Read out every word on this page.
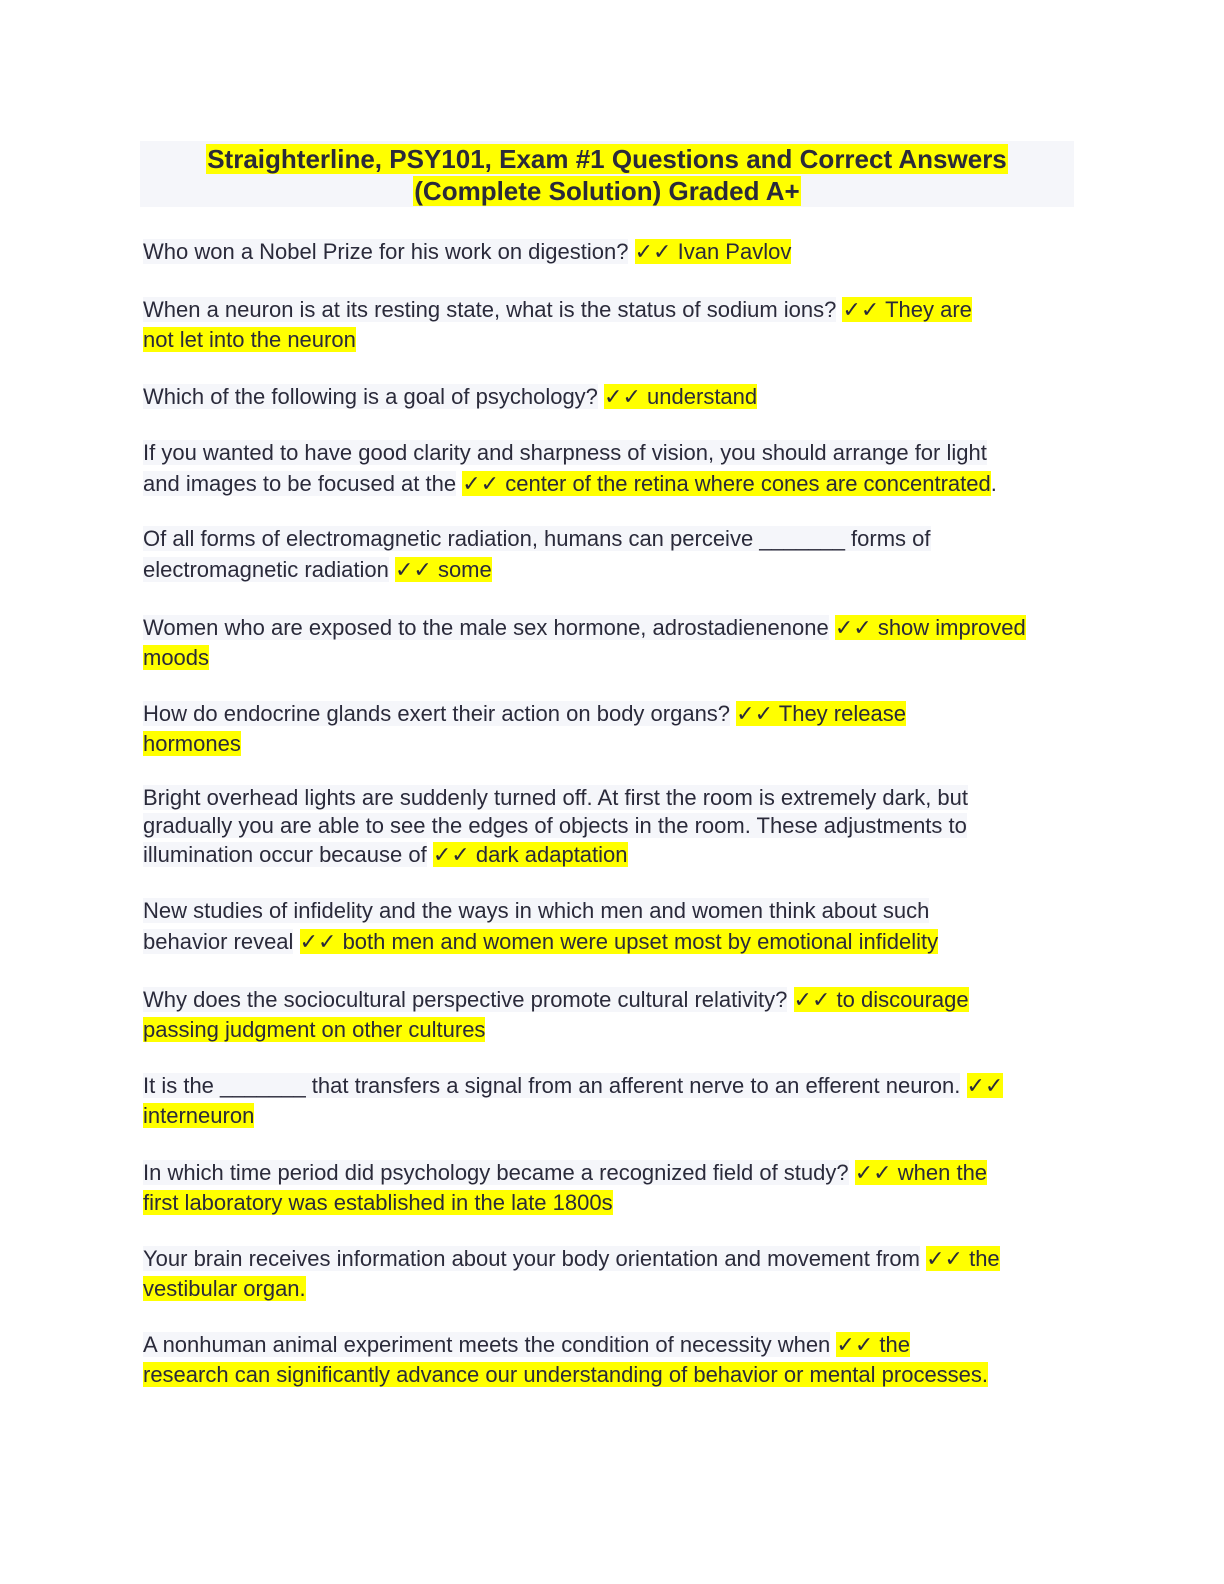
Straighterline, PSY101, Exam #1 Questions and Correct Answers
(Complete Solution) Graded A+
Who won a Nobel Prize for his work on digestion? ✓✓ Ivan Pavlov
When a neuron is at its resting state, what is the status of sodium ions? ✓✓ They are
not let into the neuron
Which of the following is a goal of psychology? ✓✓ understand
If you wanted to have good clarity and sharpness of vision, you should arrange for light
and images to be focused at the ✓✓ center of the retina where cones are concentrated.
Of all forms of electromagnetic radiation, humans can perceive _______ forms of
electromagnetic radiation ✓✓ some
Women who are exposed to the male sex hormone, adrostadienenone ✓✓ show improved
moods
How do endocrine glands exert their action on body organs? ✓✓ They release
hormones
Bright overhead lights are suddenly turned off. At first the room is extremely dark, but
gradually you are able to see the edges of objects in the room. These adjustments to
illumination occur because of ✓✓ dark adaptation
New studies of infidelity and the ways in which men and women think about such
behavior reveal ✓✓ both men and women were upset most by emotional infidelity
Why does the sociocultural perspective promote cultural relativity? ✓✓ to discourage
passing judgment on other cultures
It is the _______ that transfers a signal from an afferent nerve to an efferent neuron. ✓✓
interneuron
In which time period did psychology became a recognized field of study? ✓✓ when the
first laboratory was established in the late 1800s
Your brain receives information about your body orientation and movement from ✓✓ the
vestibular organ.
A nonhuman animal experiment meets the condition of necessity when ✓✓ the
research can significantly advance our understanding of behavior or mental processes.
